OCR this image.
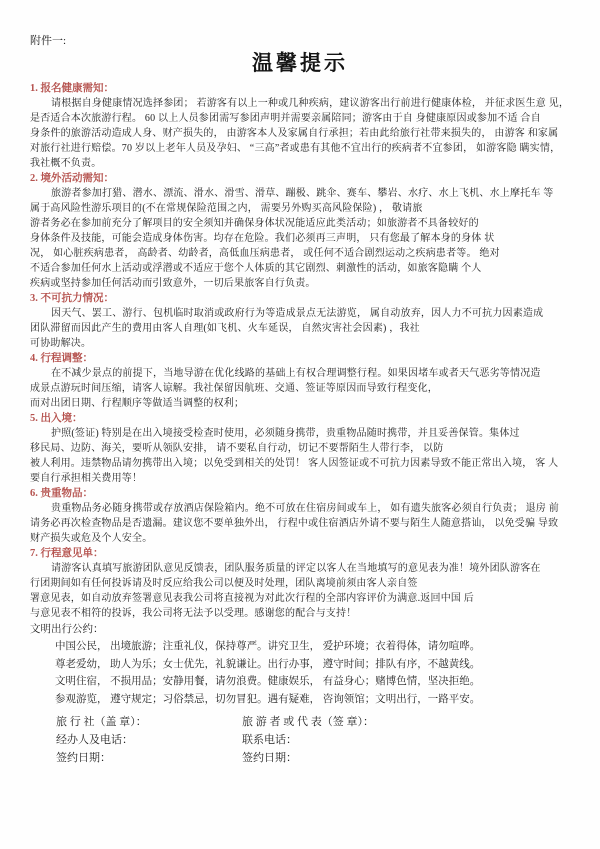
附件一:
温馨提示
1. 报名健康需知：
请根据自身健康情况选择参团； 若游客有以上一种或几种疾病，建议游客出行前进行健康体检， 并征求医生意 见，
是否适合本次旅游行程。 60 以上人员参团需写参团声明并需要亲属陪同；游客由于自 身健康原因或参加不适 合自
身条件的旅游活动造成人身、财产损失的， 由游客本人及家属自行承担；若由此给旅行社带来损失的， 由游客 和家属
对旅行社进行赔偿。70 岁以上老年人员及孕妇、 “三高”者或患有其他不宜出行的疾病者不宜参团， 如游客隐 瞒实情，
我社概不负责。
2. 境外活动需知：
旅游者参加打猎、潜水、漂流、滑水、滑雪、滑草、蹦极、跳伞、赛车、攀岩、水疗、水上飞机、水上摩托车 等
属于高风险性游乐项目的(不在常规保险范围之内， 需要另外购买高风险保险) ， 敬请旅
游者务必在参加前充分了解项目的安全须知并确保身体状况能适应此类活动；如旅游者不具备较好的
身体条件及技能，可能会造成身体伤害。均存在危险。我们必须再三声明， 只有您最了解本身的身体 状
况， 如心脏疾病患者， 高龄者、幼龄者，高低血压病患者， 或任何不适合剧烈运动之疾病患者等。 绝对
不适合参加任何水上活动或浮潜或不适应于您个人体质的其它剧烈、刺激性的活动，如旅客隐瞒 个人
疾病或坚持参加任何活动而引致意外，一切后果旅客自行负责。
3. 不可抗力情况：
因天气、罢工、游行、包机临时取消或政府行为等造成景点无法游览， 属自动放弃，因人力不可抗力因素造成
团队滞留而因此产生的费用由客人自理(如飞机、火车延误， 自然灾害社会因素) ，我社
可协助解决。
4. 行程调整：
在不减少景点的前提下，当地导游在优化线路的基础上有权合理调整行程。如果因堵车或者天气恶劣等情况造
成景点游玩时间压缩，请客人谅解。我社保留因航班、交通、签证等原因而导致行程变化，
而对出团日期、行程顺序等做适当调整的权利；
5. 出入境：
护照(签证) 特别是在出入境接受检查时使用，必须随身携带，贵重物品随时携带，并且妥善保管。集体过
移民局、边防、海关，要听从领队安排， 请不要私自行动，切记不要帮陌生人带行李， 以防
被人利用。违禁物品请勿携带出入境；以免受到相关的处罚！ 客人因签证或不可抗力因素导致不能正常出入境， 客 人
要自行承担相关费用等！
6. 贵重物品：
贵重物品务必随身携带或存放酒店保险箱内。绝不可放在住宿房间或车上， 如有遗失旅客必须自行负责； 退房 前
请务必再次检查物品是否遗漏。建议您不要单独外出， 行程中或住宿酒店外请不要与陌生人随意搭讪， 以免受骗 导致
财产损失或危及个人安全。
7. 行程意见单：
请游客认真填写旅游团队意见反馈表，团队服务质量的评定以客人在当地填写的意见表为准！境外团队游客在
行团期间如有任何投诉请及时反应给我公司以便及时处理，团队离境前须由客人亲自签
署意见表，如自动放弃签署意见表我公司将直接视为对此次行程的全部内容评价为满意.返回中国 后
与意见表不相符的投诉，我公司将无法予以受理。感谢您的配合与支持！
文明出行公约：
中国公民， 出境旅游；注重礼仪，保持尊严。讲究卫生， 爱护环境；衣着得体，请勿喧哗。
尊老爱幼， 助人为乐；女士优先，礼貌谦让。出行办事， 遵守时间；排队有序，不越黄线。
文明住宿， 不损用品；安静用餐，请勿浪费。健康娱乐， 有益身心；赌博色情，坚决拒绝。
参观游览， 遵守规定；习俗禁忌，切勿冒犯。遇有疑难， 咨询领馆；文明出行，一路平安。
旅 行 社（盖 章）：	旅 游 者 或 代 表（签 章）：
经办人及电话：	联系电话：
签约日期：	签约日期：
